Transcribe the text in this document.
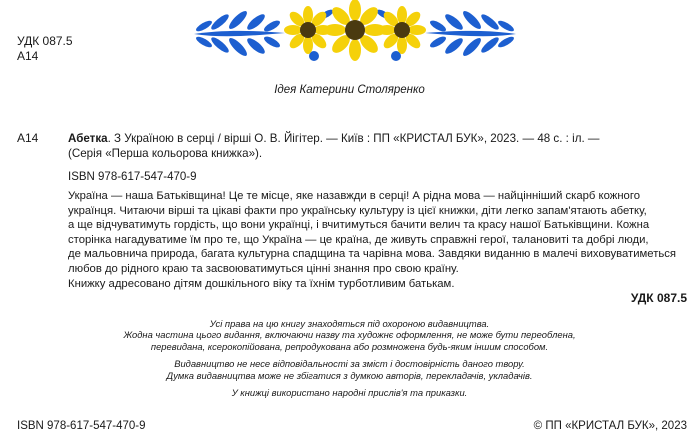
УДК 087.5
А14
Ідея Катерини Столяренко
А14	Абетка. З Україною в серці / вірші О. В. Йігітер. — Київ : ПП «КРИСТАЛ БУК», 2023. — 48 с. : іл. —
(Серія «Перша кольорова книжка»).
ISBN 978-617-547-470-9
Україна — наша Батьківщина! Це те місце, яке назавжди в серці! А рідна мова — найцінніший скарб кожного
українця. Читаючи вірші та цікаві факти про українську культуру із цієї книжки, діти легко запам'ятають абетку,
а ще відчуватимуть гордість, що вони українці, і вчитимуться бачити велич та красу нашої Батьківщини. Кожна
сторінка нагадуватиме їм про те, що Україна — це країна, де живуть справжні герої, талановиті та добрі люди,
де мальовнича природа, багата культурна спадщина та чарівна мова. Завдяки виданню в малечі виховуватиметься
любов до рідного краю та засвоюватимуться цінні знання про свою країну.
Книжку адресовано дітям дошкільного віку та їхнім турботливим батькам.
УДК 087.5
Усі права на цю книгу знаходяться під охороною видавництва.
Жодна частина цього видання, включаючи назву та художнє оформлення, не може бути переоблена,
перевидана, ксерокопійована, репродукована або розмножена будь-яким іншим способом.
Видавництво не несе відповідальності за зміст і достовірність даного твору.
Думка видавництва може не збігатися з думкою авторів, перекладачів, укладачів.
У книжці використано народні прислів'я та приказки.
ISBN 978-617-547-470-9	© ПП «КРИСТАЛ БУК», 2023
